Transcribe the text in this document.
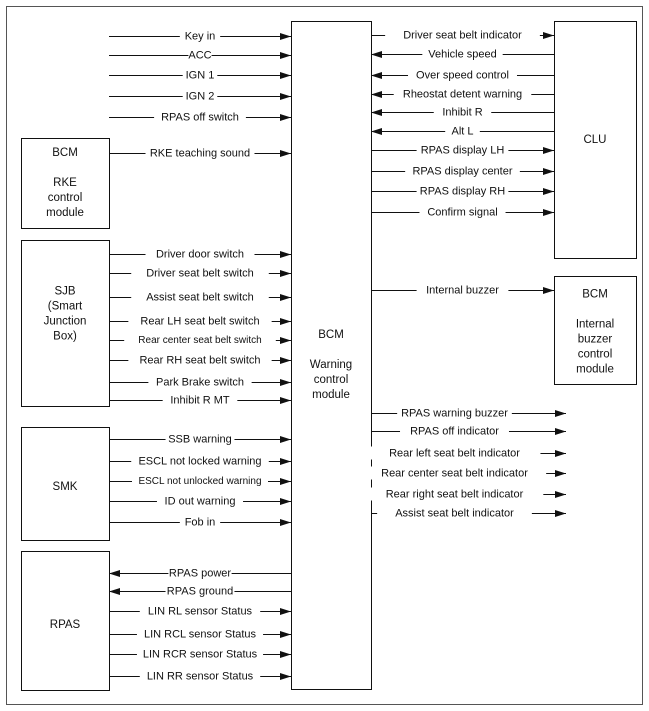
BCM
Warning
control
module
BCM
RKE
control
module
SJB
(Smart
Junction
Box)
SMK
RPAS
CLU
BCM
Internal
buzzer
control
module
Key in
ACC
IGN 1
IGN 2
RPAS off switch
RKE teaching sound
Driver door switch
Driver seat belt switch
Assist seat belt switch
Rear LH seat belt switch
Rear center seat belt switch
Rear RH seat belt switch
Park Brake switch
Inhibit R MT
SSB warning
ESCL not locked warning
ESCL not unlocked warning
ID out warning
Fob in
RPAS power
RPAS ground
LIN RL sensor Status
LIN RCL sensor Status
LIN RCR sensor Status
LIN RR sensor Status
Driver seat belt indicator
Vehicle speed
Over speed control
Rheostat detent warning
Inhibit R
Alt L
RPAS display LH
RPAS display center
RPAS display RH
Confirm signal
Internal buzzer
RPAS warning buzzer
RPAS off indicator
Rear left seat belt indicator
Rear center seat belt indicator
Rear right seat belt indicator
Assist seat belt indicator
